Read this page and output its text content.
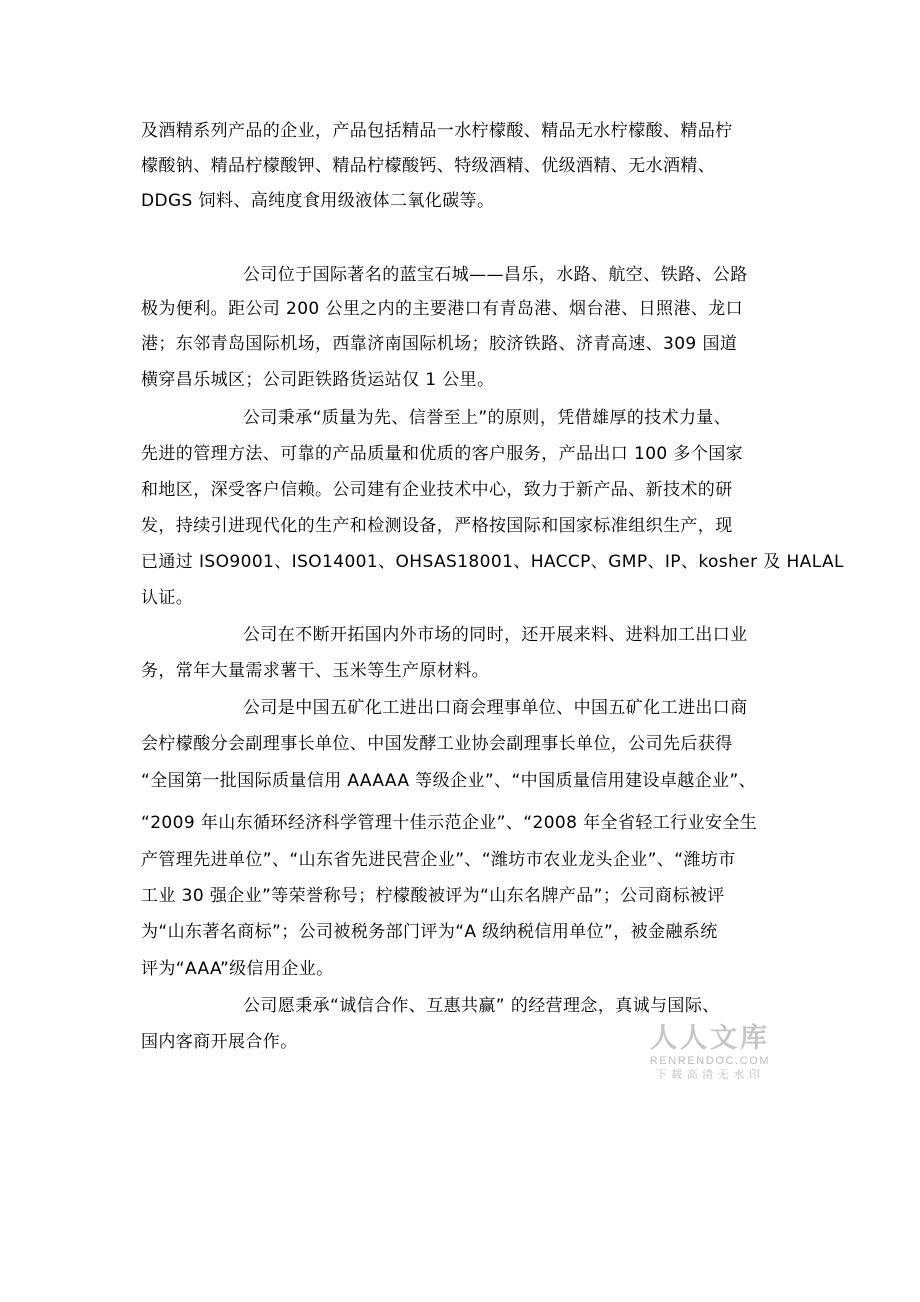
及酒精系列产品的企业，产品包括精品一水柠檬酸、精品无水柠檬酸、精品柠
檬酸钠、精品柠檬酸钾、精品柠檬酸钙、特级酒精、优级酒精、无水酒精、
DDGS 饲料、高纯度食用级液体二氧化碳等。
公司位于国际著名的蓝宝石城——昌乐，水路、航空、铁路、公路
极为便利。距公司 200 公里之内的主要港口有青岛港、烟台港、日照港、龙口
港；东邻青岛国际机场，西靠济南国际机场；胶济铁路、济青高速、309 国道
横穿昌乐城区；公司距铁路货运站仅 1 公里。
公司秉承“质量为先、信誉至上”的原则，凭借雄厚的技术力量、
先进的管理方法、可靠的产品质量和优质的客户服务，产品出口 100 多个国家
和地区，深受客户信赖。公司建有企业技术中心，致力于新产品、新技术的研
发，持续引进现代化的生产和检测设备，严格按国际和国家标准组织生产，现
已通过 ISO9001、ISO14001、OHSAS18001、HACCP、GMP、IP、kosher 及 HALAL
认证。
公司在不断开拓国内外市场的同时，还开展来料、进料加工出口业
务，常年大量需求薯干、玉米等生产原材料。
公司是中国五矿化工进出口商会理事单位、中国五矿化工进出口商
会柠檬酸分会副理事长单位、中国发酵工业协会副理事长单位，公司先后获得
“全国第一批国际质量信用 AAAAA 等级企业”、“中国质量信用建设卓越企业”、
“2009 年山东循环经济科学管理十佳示范企业”、“2008 年全省轻工行业安全生
产管理先进单位”、“山东省先进民营企业”、“潍坊市农业龙头企业”、“潍坊市
工业 30 强企业”等荣誉称号；柠檬酸被评为“山东名牌产品”；公司商标被评
为“山东著名商标”；公司被税务部门评为“A 级纳税信用单位”，被金融系统
评为“AAA”级信用企业。
公司愿秉承“诚信合作、互惠共赢” 的经营理念，真诚与国际、
国内客商开展合作。	人人文库
RENRENDOC.COM
下载高清无水印
